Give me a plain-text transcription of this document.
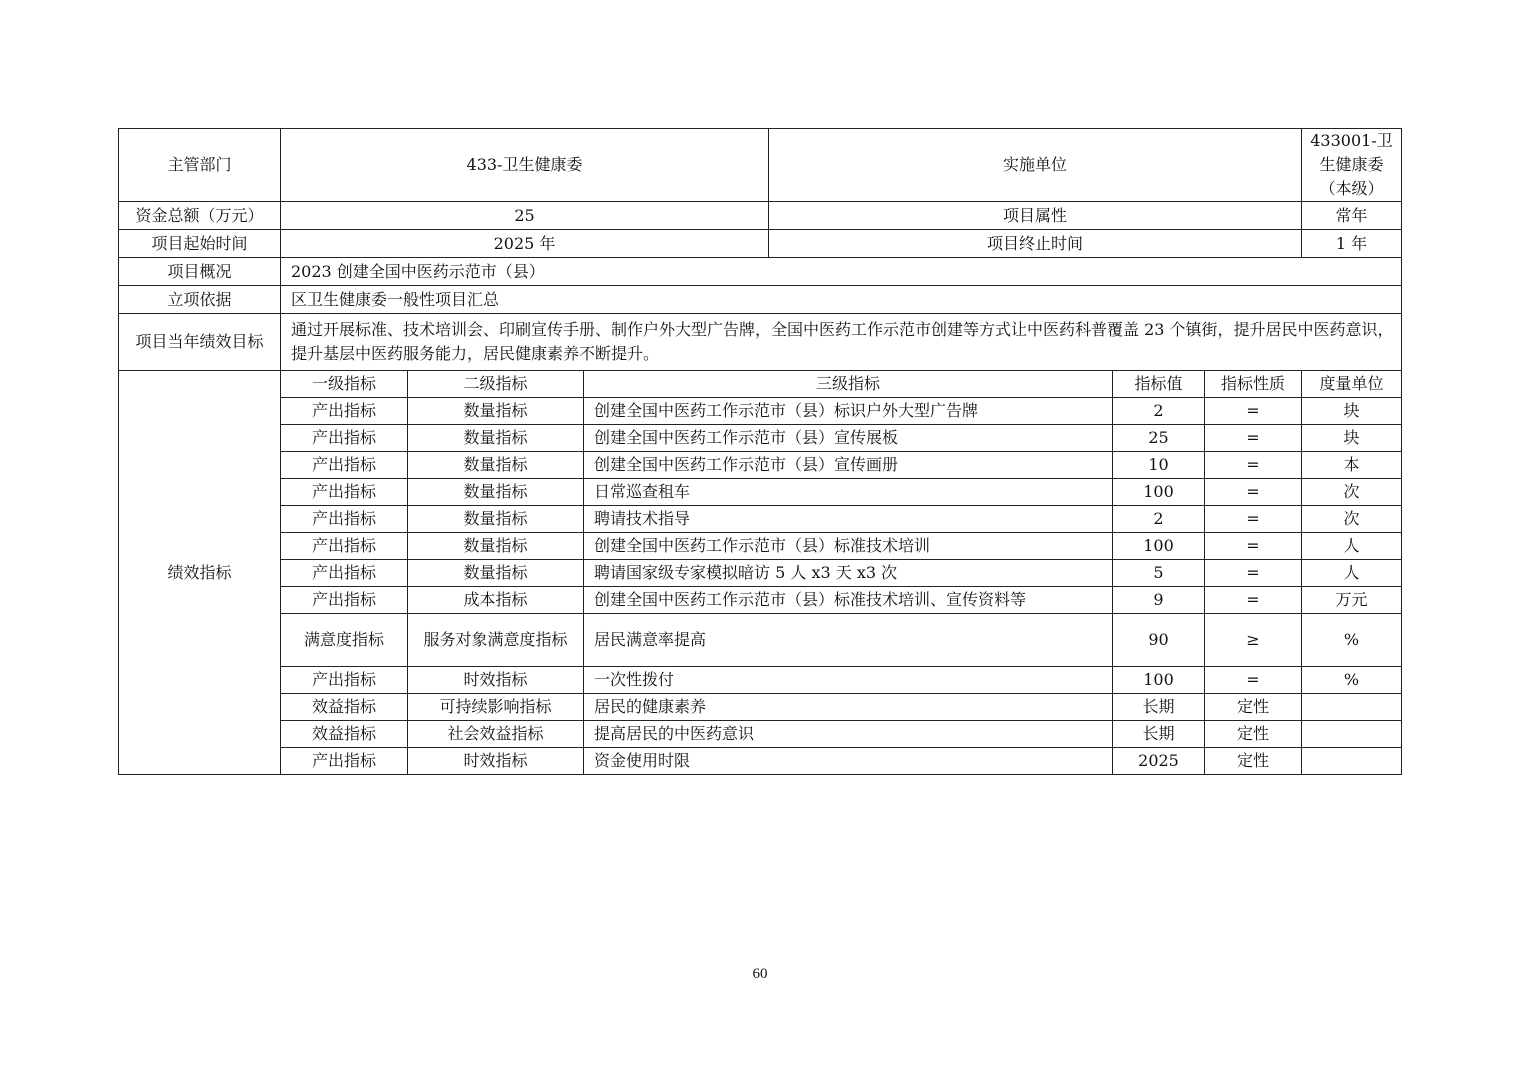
主管部门	433-卫生健康委			实施单位			433001-卫生健康委（本级）
资金总额（万元）	25			项目属性			常年
项目起始时间	2025 年			项目终止时间			1 年
项目概况	2023 创建全国中医药示范市（县）						
立项依据	区卫生健康委一般性项目汇总						
项目当年绩效目标	通过开展标准、技术培训会、印刷宣传手册、制作户外大型广告牌，全国中医药工作示范市创建等方式让中医药科普覆盖 23 个镇街，提升居民中医药意识，提升基层中医药服务能力，居民健康素养不断提升。						
绩效指标	一级指标	二级指标	三级指标		指标值	指标性质	度量单位
	产出指标	数量指标	创建全国中医药工作示范市（县）标识户外大型广告牌		2	=	块
	产出指标	数量指标	创建全国中医药工作示范市（县）宣传展板		25	=	块
	产出指标	数量指标	创建全国中医药工作示范市（县）宣传画册		10	=	本
	产出指标	数量指标	日常巡查租车		100	=	次
	产出指标	数量指标	聘请技术指导		2	=	次
	产出指标	数量指标	创建全国中医药工作示范市（县）标准技术培训		100	=	人
	产出指标	数量指标	聘请国家级专家模拟暗访 5 人 x3 天 x3 次		5	=	人
	产出指标	成本指标	创建全国中医药工作示范市（县）标准技术培训、宣传资料等		9	=	万元
	满意度指标	服务对象满意度指标	居民满意率提高		90	≥	%
	产出指标	时效指标	一次性拨付		100	=	%
	效益指标	可持续影响指标	居民的健康素养		长期	定性	
	效益指标	社会效益指标	提高居民的中医药意识		长期	定性	
	产出指标	时效指标	资金使用时限		2025	定性	
60
